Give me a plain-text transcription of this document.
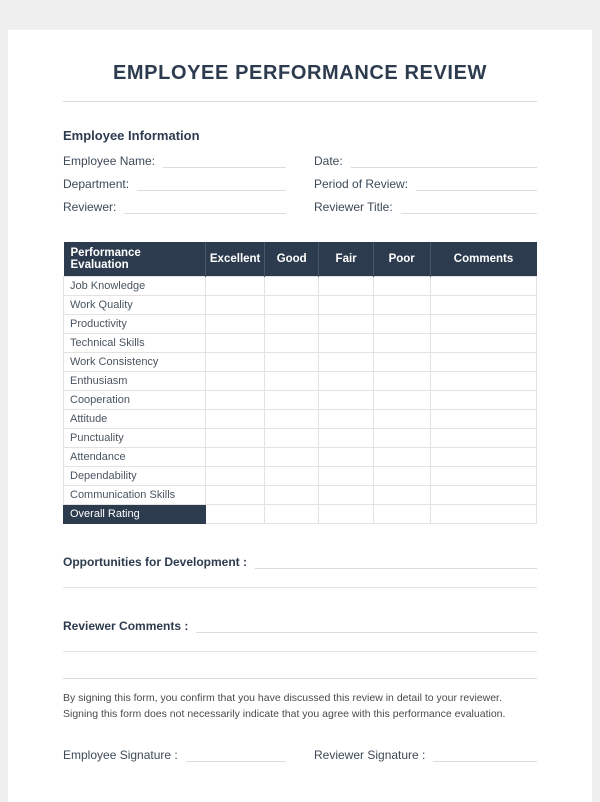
EMPLOYEE PERFORMANCE REVIEW
Employee Information
Employee Name:	Date:
Department:	Period of Review:
Reviewer:	Reviewer Title:
Performance Evaluation	Excellent	Good	Fair	Poor	Comments
Job Knowledge					
Work Quality					
Productivity					
Technical Skills					
Work Consistency					
Enthusiasm					
Cooperation					
Attitude					
Punctuality					
Attendance					
Dependability					
Communication Skills					
Overall Rating					
Opportunities for Development :
Reviewer Comments :

By signing this form, you confirm that you have discussed this review in detail to your reviewer. Signing this form does not necessarily indicate that you agree with this performance evaluation.

Employee Signature :	Reviewer Signature :
